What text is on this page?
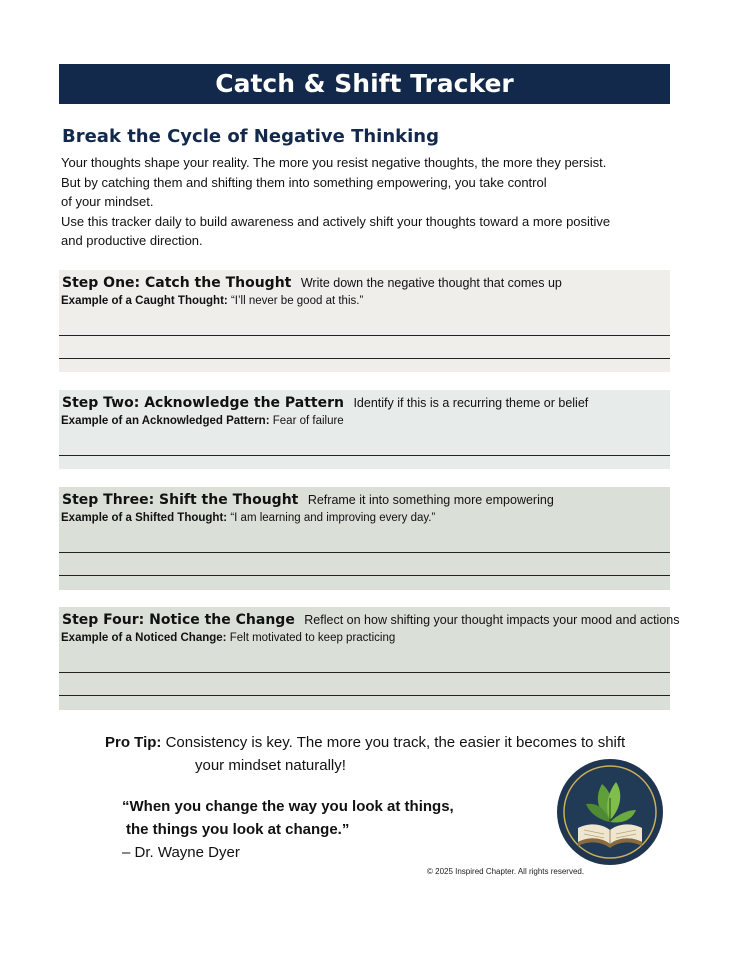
Catch & Shift Tracker
Break the Cycle of Negative Thinking

Your thoughts shape your reality. The more you resist negative thoughts, the more they persist.

But by catching them and shifting them into something empowering, you take control

of your mindset.

Use this tracker daily to build awareness and actively shift your thoughts toward a more positive

and productive direction.

Step One: Catch the Thought Write down the negative thought that comes up
Example of a Caught Thought: “I’ll never be good at this.”
Step Two: Acknowledge the Pattern Identify if this is a recurring theme or belief
Example of an Acknowledged Pattern: Fear of failure
Step Three: Shift the Thought Reframe it into something more empowering
Example of a Shifted Thought: “I am learning and improving every day.”
Step Four: Notice the Change Reflect on how shifting your thought impacts your mood and actions
Example of a Noticed Change: Felt motivated to keep practicing
Pro Tip: Consistency is key. The more you track, the easier it becomes to shift
your mindset naturally!
“When you change the way you look at things,
the things you look at change.”
– Dr. Wayne Dyer
© 2025 Inspired Chapter. All rights reserved.
